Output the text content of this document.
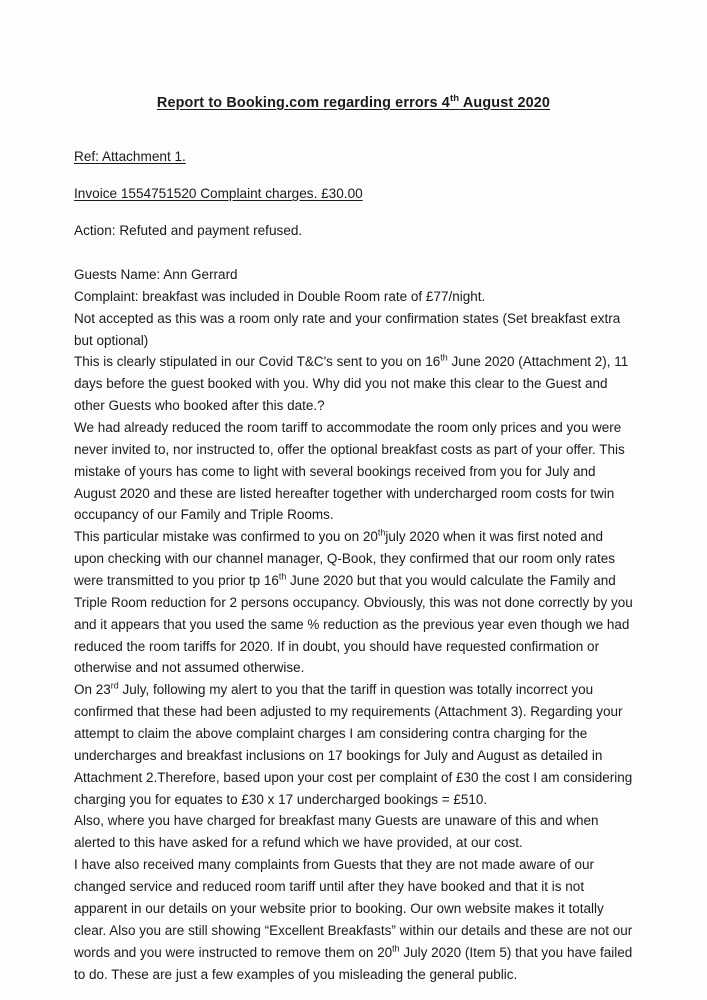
Report to Booking.com regarding errors 4th August 2020

Ref: Attachment 1.

Invoice 1554751520 Complaint charges. £30.00

Action: Refuted and payment refused.

Guests Name: Ann Gerrard

Complaint: breakfast was included in Double Room rate of £77/night.

Not accepted as this was a room only rate and your confirmation states (Set breakfast extra but optional)

This is clearly stipulated in our Covid T&C's sent to you on 16th June 2020 (Attachment 2), 11 days before the guest booked with you. Why did you not make this clear to the Guest and other Guests who booked after this date.?

We had already reduced the room tariff to accommodate the room only prices and you were never invited to, nor instructed to, offer the optional breakfast costs as part of your offer. This mistake of yours has come to light with several bookings received from you for July and August 2020 and these are listed hereafter together with undercharged room costs for twin occupancy of our Family and Triple Rooms.

This particular mistake was confirmed to you on 20thjuly 2020 when it was first noted and upon checking with our channel manager, Q-Book, they confirmed that our room only rates were transmitted to you prior tp 16th June 2020 but that you would calculate the Family and Triple Room reduction for 2 persons occupancy. Obviously, this was not done correctly by you and it appears that you used the same % reduction as the previous year even though we had reduced the room tariffs for 2020. If in doubt, you should have requested confirmation or otherwise and not assumed otherwise.

On 23rd July, following my alert to you that the tariff in question was totally incorrect you confirmed that these had been adjusted to my requirements (Attachment 3). Regarding your attempt to claim the above complaint charges I am considering contra charging for the undercharges and breakfast inclusions on 17 bookings for July and August as detailed in Attachment 2.Therefore, based upon your cost per complaint of £30 the cost I am considering charging you for equates to £30 x 17 undercharged bookings = £510.

Also, where you have charged for breakfast many Guests are unaware of this and when alerted to this have asked for a refund which we have provided, at our cost.

I have also received many complaints from Guests that they are not made aware of our changed service and reduced room tariff until after they have booked and that it is not apparent in our details on your website prior to booking. Our own website makes it totally clear. Also you are still showing “Excellent Breakfasts” within our details and these are not our words and you were instructed to remove them on 20th July 2020 (Item 5) that you have failed to do. These are just a few examples of you misleading the general public.
